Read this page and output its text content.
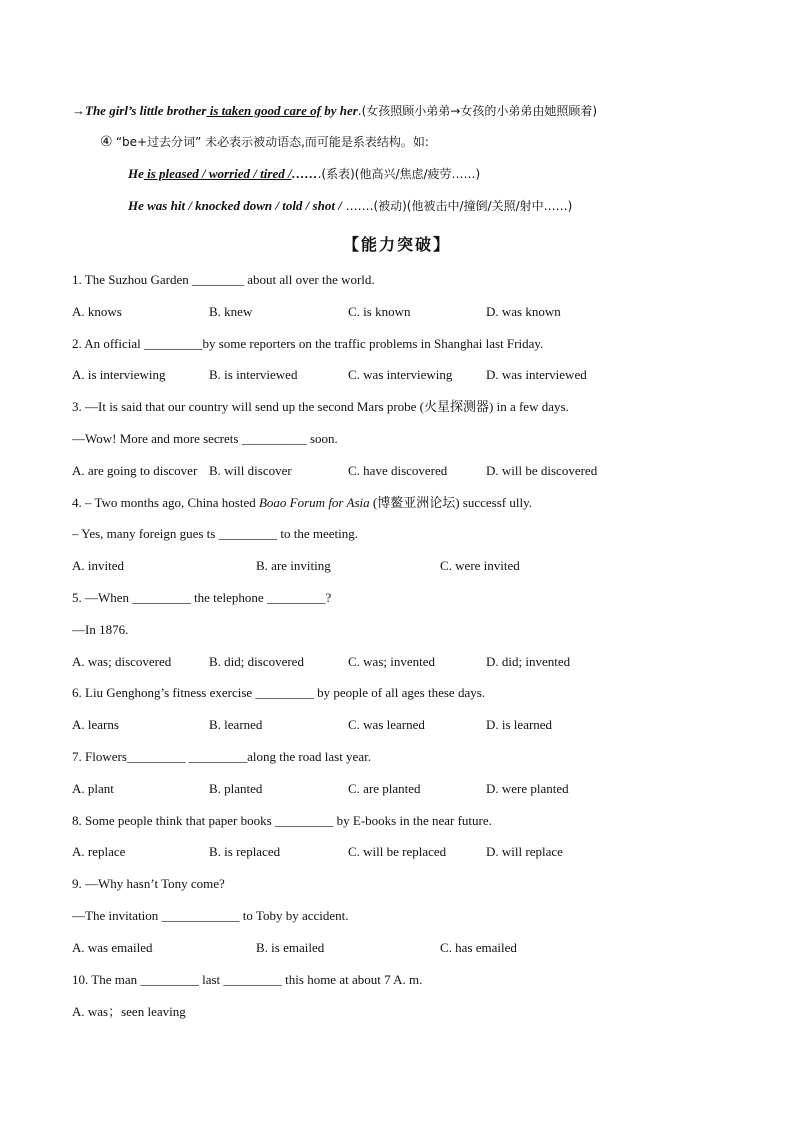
→The girl’s little brother is taken good care of by her.(女孩照顾小弟弟→女孩的小弟弟由她照顾着)
④ “be+过去分词” 未必表示被动语态,而可能是系表结构。如:
He is pleased / worried / tired /…….(系表)(他高兴/焦虑/疲劳……)
He was hit / knocked down / told / shot / …….(被动)(他被击中/撞倒/关照/射中……)
【能力突破】
1. The Suzhou Garden ________ about all over the world.
A. knows	B. knew	C. is known	D. was known
2. An official _________by some reporters on the traffic problems in Shanghai last Friday.
A. is interviewing	B. is interviewed	C. was interviewing	D. was interviewed
3. —It is said that our country will send up the second Mars probe (火星探测器) in a few days.
—Wow! More and more secrets __________ soon.
A. are going to discover B. will discover	C. have discovered	D. will be discovered
4. – Two months ago, China hosted Boao Forum for Asia (博鳌亚洲论坛) successf ully.
– Yes, many foreign gues ts _________ to the meeting.
A. invited	B. are inviting	C. were invited
5. —When _________ the telephone _________?
—In 1876.
A. was; discovered	B. did; discovered	C. was; invented	D. did; invented
6. Liu Genghong’s fitness exercise _________ by people of all ages these days.
A. learns	B. learned	C. was learned	D. is learned
7. Flowers_________ _________along the road last year.
A. plant	B. planted	C. are planted	D. were planted
8. Some people think that paper books _________ by E-books in the near future.
A. replace	B. is replaced	C. will be replaced	D. will replace
9. —Why hasn’t Tony come?
—The invitation ____________ to Toby by accident.
A. was emailed	B. is emailed	C. has emailed
10. The man _________ last _________ this home at about 7 A. m.
A. was；seen leaving
